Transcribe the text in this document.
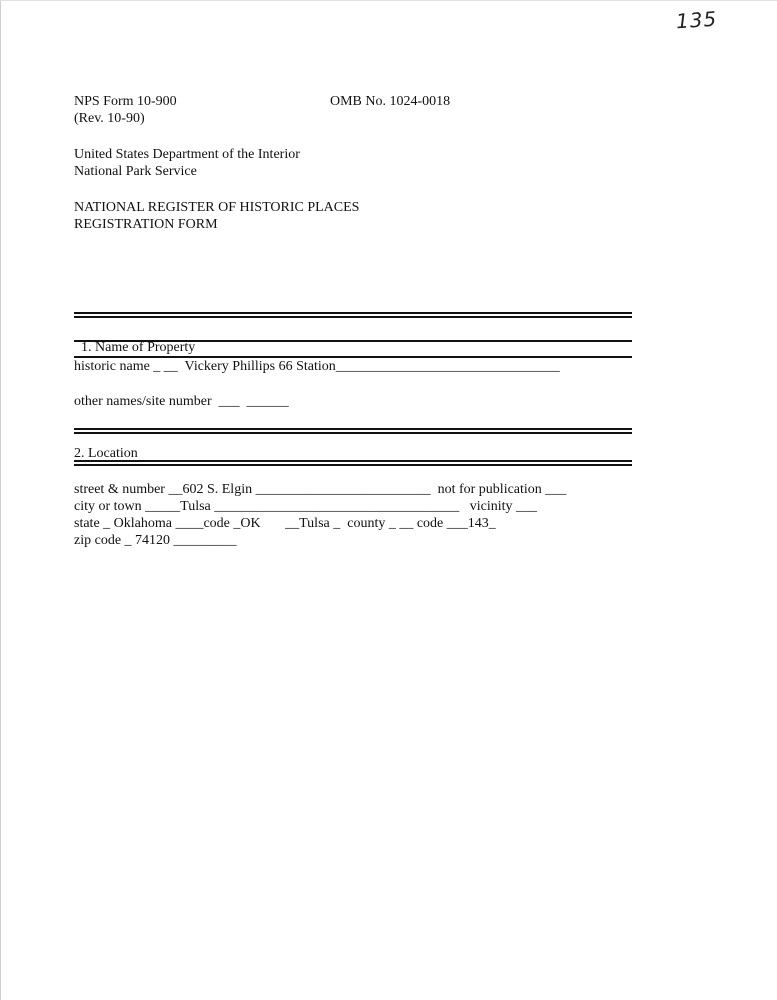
135
NPS Form 10-900
(Rev. 10-90)
OMB No. 1024-0018
United States Department of the Interior
National Park Service
NATIONAL REGISTER OF HISTORIC PLACES
REGISTRATION FORM

1. Name of Property

historic name _ __  Vickery Phillips 66 Station________________________________
other names/site number  ___  ______
2. Location
street & number __602 S. Elgin _________________________  not for publication ___
city or town _____Tulsa ___________________________________   vicinity ___
state _ Oklahoma ____code _OK       __Tulsa _  county _ __ code ___143_
zip code _ 74120 _________
